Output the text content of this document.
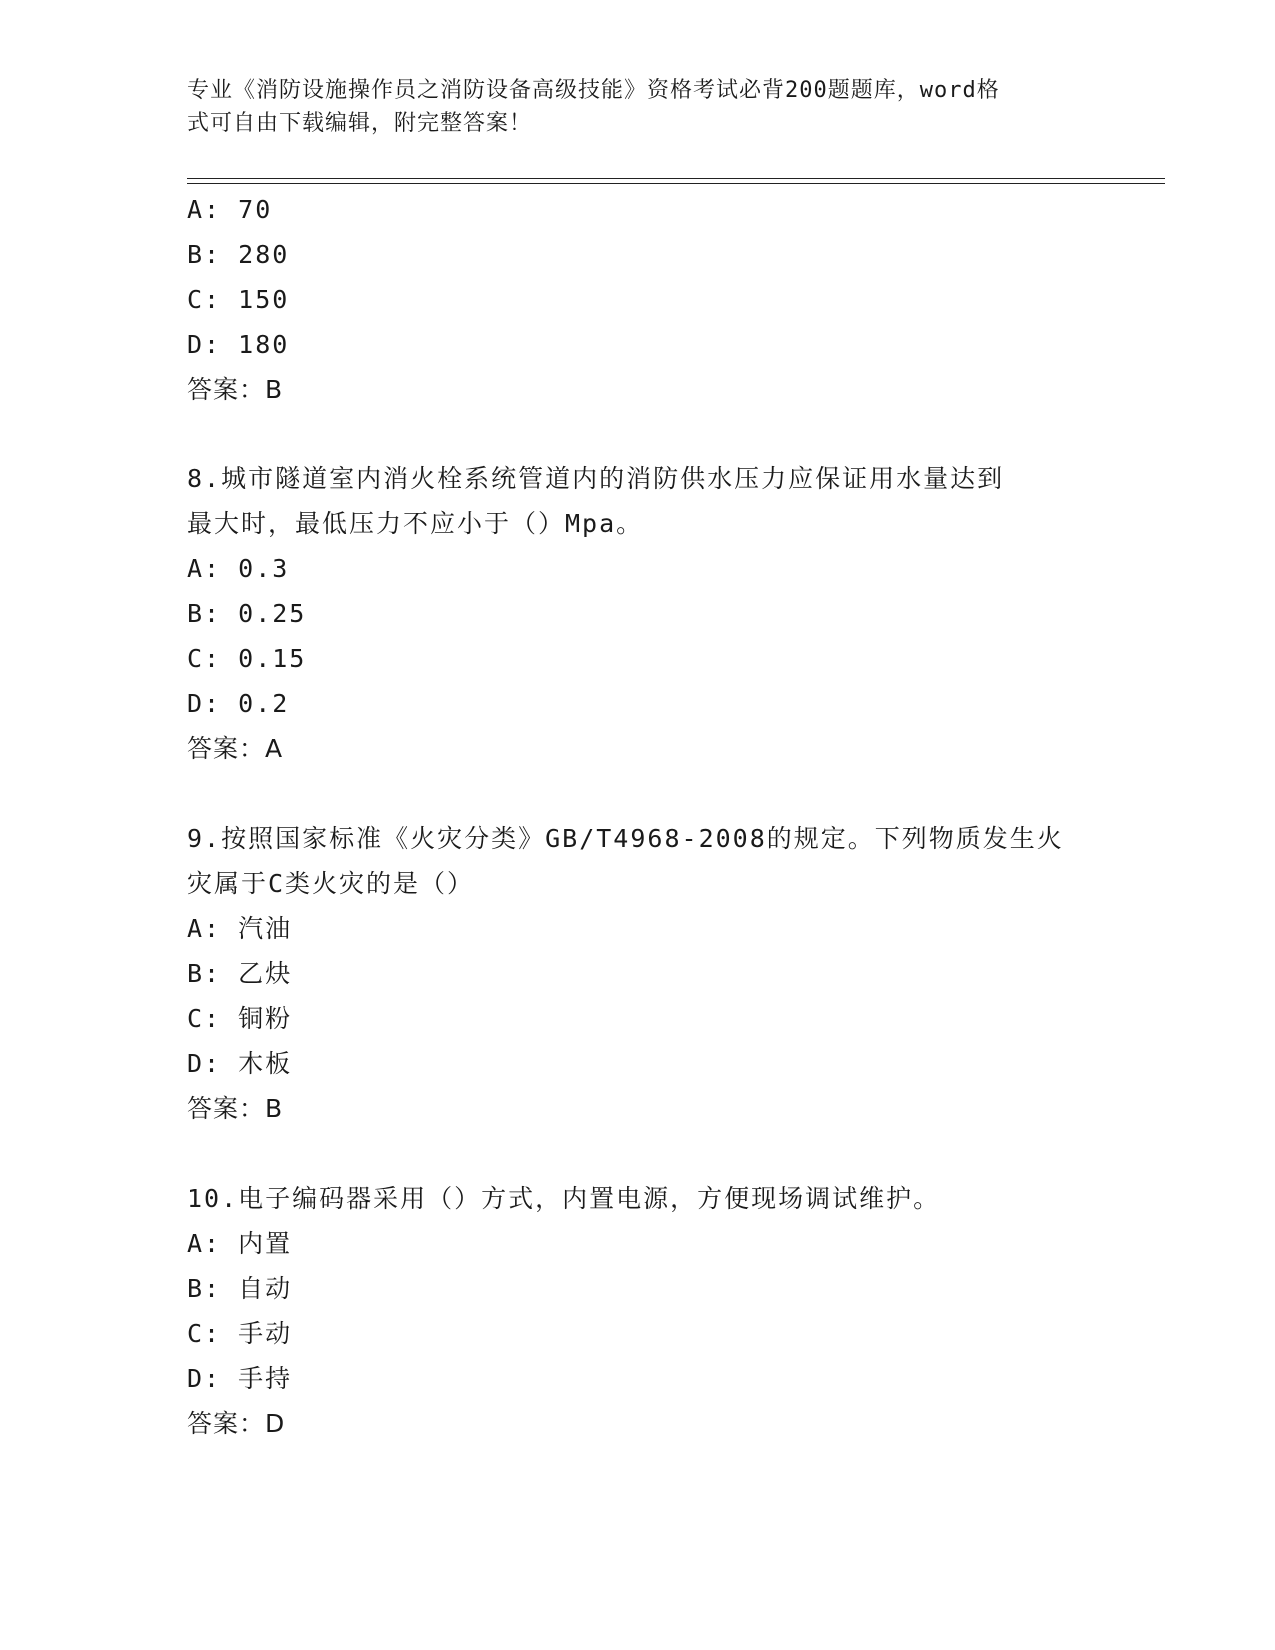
专业《消防设施操作员之消防设备高级技能》资格考试必背200题题库，word格
式可自由下载编辑，附完整答案！
A: 70
B: 280
C: 150
D: 180
答案：B
8.城市隧道室内消火栓系统管道内的消防供水压力应保证用水量达到
最大时，最低压力不应小于（）Mpa。
A: 0.3
B: 0.25
C: 0.15
D: 0.2
答案：A
9.按照国家标准《火灾分类》GB/T4968-2008的规定。下列物质发生火
灾属于C类火灾的是（）
A: 汽油
B: 乙炔
C: 铜粉
D: 木板
答案：B
10.电子编码器采用（）方式，内置电源，方便现场调试维护。
A: 内置
B: 自动
C: 手动
D: 手持
答案：D
